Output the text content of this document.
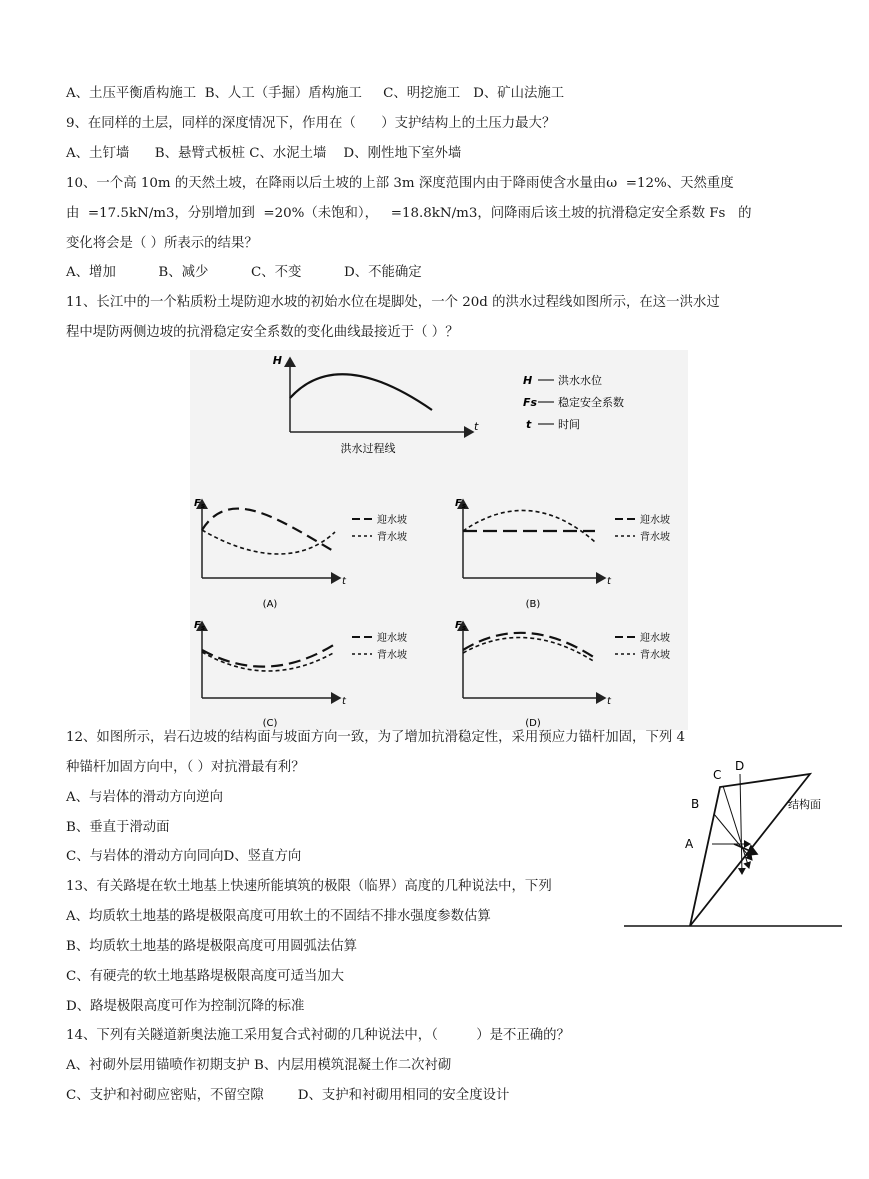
A、土压平衡盾构施工  B、人工（手掘）盾构施工     C、明挖施工   D、矿山法施工
9、在同样的土层，同样的深度情况下，作用在（      ）支护结构上的土压力最大？
A、土钉墙      B、悬臂式板桩 C、水泥土墙    D、刚性地下室外墙
10、一个高 10m 的天然土坡，在降雨以后土坡的上部 3m 深度范围内由于降雨使含水量由ω  =12%、天然重度
由  =17.5kN/m3，分别增加到  =20%（未饱和），   =18.8kN/m3，问降雨后该土坡的抗滑稳定安全系数 Fs   的
变化将会是（ ）所表示的结果？
A、增加          B、减少          C、不变          D、不能确定
11、长江中的一个粘质粉土堤防迎水坡的初始水位在堤脚处，一个 20d 的洪水过程线如图所示，在这一洪水过
程中堤防两侧边坡的抗滑稳定安全系数的变化曲线最接近于（ ）？
H
t
洪水过程线
H 洪水水位
Fs 稳定安全系数
t 时间
$F_s$
t
迎水坡
背水坡
(A)
$F_s$
t
迎水坡
背水坡
(B)
$F_s$
t
迎水坡
背水坡
(C)
$F_s$
t
迎水坡
背水坡
(D)
12、如图所示，岩石边坡的结构面与坡面方向一致，为了增加抗滑稳定性，采用预应力锚杆加固，下列 4
种锚杆加固方向中，（ ）对抗滑最有利？
A、与岩体的滑动方向逆向
B、垂直于滑动面
C、与岩体的滑动方向同向D、竖直方向
A
B
C
D
结构面
13、有关路堤在软土地基上快速所能填筑的极限（临界）高度的几种说法中，下列
A、均质软土地基的路堤极限高度可用软土的不固结不排水强度参数估算
B、均质软土地基的路堤极限高度可用圆弧法估算
C、有硬壳的软土地基路堤极限高度可适当加大
D、路堤极限高度可作为控制沉降的标准
14、下列有关隧道新奥法施工采用复合式衬砌的几种说法中，（         ）是不正确的？
A、衬砌外层用锚喷作初期支护 B、内层用模筑混凝土作二次衬砌
C、支护和衬砌应密贴，不留空隙        D、支护和衬砌用相同的安全度设计
